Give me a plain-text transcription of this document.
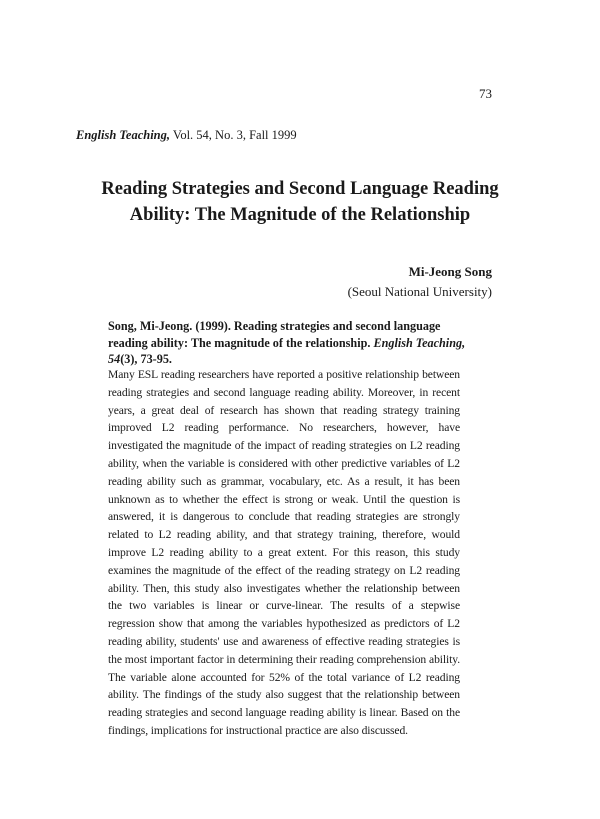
73
English Teaching, Vol. 54, No. 3, Fall 1999
Reading Strategies and Second Language Reading
Ability: The Magnitude of the Relationship
Mi-Jeong Song
(Seoul National University)
Song, Mi-Jeong. (1999). Reading strategies and second language reading ability: The magnitude of the relationship. English Teaching, 54(3), 73-95.
Many ESL reading researchers have reported a positive relationship between reading strategies and second language reading ability. Moreover, in recent years, a great deal of research has shown that reading strategy training improved L2 reading performance. No researchers, however, have investigated the magnitude of the impact of reading strategies on L2 reading ability, when the variable is considered with other predictive variables of L2 reading ability such as grammar, vocabulary, etc. As a result, it has been unknown as to whether the effect is strong or weak. Until the question is answered, it is dangerous to conclude that reading strategies are strongly related to L2 reading ability, and that strategy training, therefore, would improve L2 reading ability to a great extent. For this reason, this study examines the magnitude of the effect of the reading strategy on L2 reading ability. Then, this study also investigates whether the relationship between the two variables is linear or curve-linear. The results of a stepwise regression show that among the variables hypothesized as predictors of L2 reading ability, students' use and awareness of effective reading strategies is the most important factor in determining their reading comprehension ability. The variable alone accounted for 52% of the total variance of L2 reading ability. The findings of the study also suggest that the relationship between reading strategies and second language reading ability is linear. Based on the findings, implications for instructional practice are also discussed.
